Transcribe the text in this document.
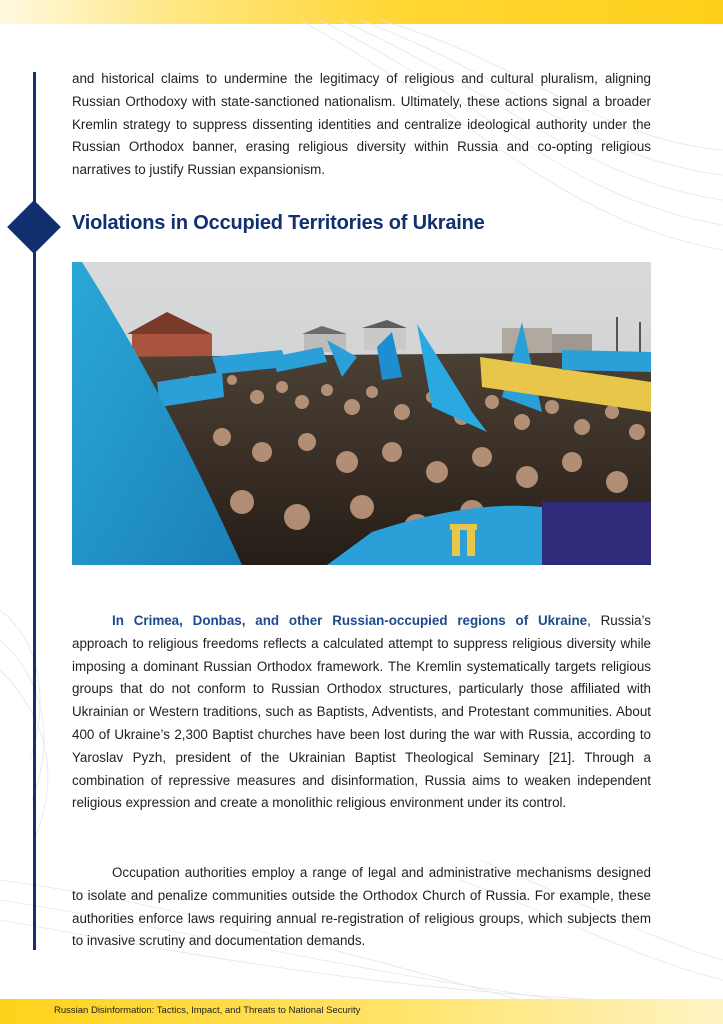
and historical claims to undermine the legitimacy of religious and cultural pluralism, aligning Russian Orthodoxy with state-sanctioned nationalism. Ultimately, these actions signal a broader Kremlin strategy to suppress dissenting identities and centralize ideological authority under the Russian Orthodox banner, erasing religious diversity within Russia and co-opting religious narratives to justify Russian expansionism.

Violations in Occupied Territories of Ukraine

In Crimea, Donbas, and other Russian-occupied regions of Ukraine, Russia’s approach to religious freedoms reflects a calculated attempt to suppress religious diversity while imposing a dominant Russian Orthodox framework. The Kremlin systematically targets religious groups that do not conform to Russian Orthodox structures, particularly those affiliated with Ukrainian or Western traditions, such as Baptists, Adventists, and Protestant communities. About 400 of Ukraine’s 2,300 Baptist churches have been lost during the war with Russia, according to Yaroslav Pyzh, president of the Ukrainian Baptist Theological Seminary [21]. Through a combination of repressive measures and disinformation, Russia aims to weaken independent religious expression and create a monolithic religious environment under its control.

Occupation authorities employ a range of legal and administrative mechanisms designed to isolate and penalize communities outside the Orthodox Church of Russia. For example, these authorities enforce laws requiring annual re-registration of religious groups, which subjects them to invasive scrutiny and documentation demands.

Russian Disinformation: Tactics, Impact, and Threats to National Security
